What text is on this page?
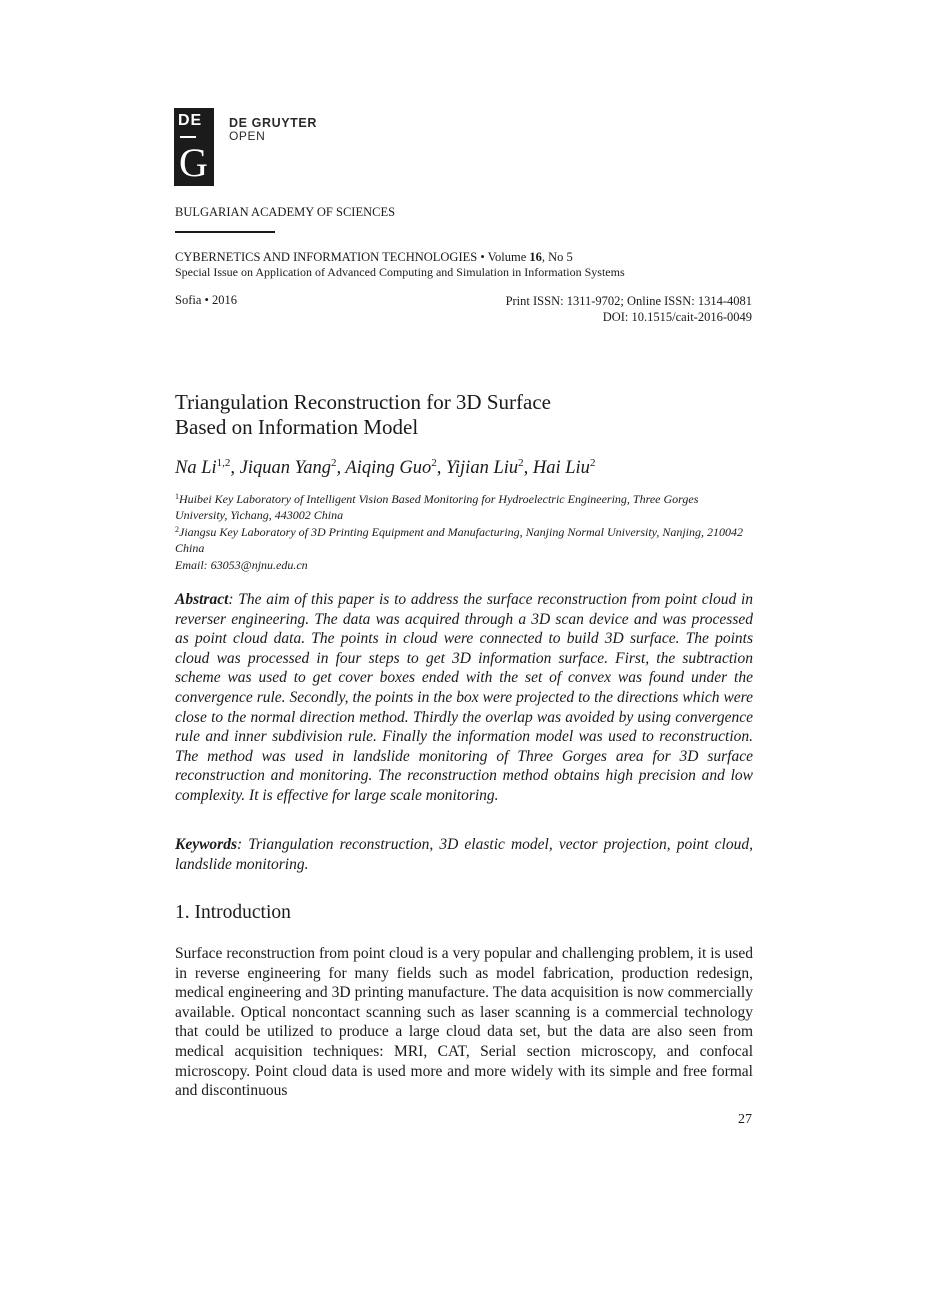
DE
G
DE GRUYTER
OPEN
BULGARIAN ACADEMY OF SCIENCES
CYBERNETICS AND INFORMATION TECHNOLOGIES • Volume 16, No 5
Special Issue on Application of Advanced Computing and Simulation in Information Systems
Sofia • 2016	Print ISSN: 1311-9702; Online ISSN: 1314-4081
DOI: 10.1515/cait-2016-0049
Triangulation Reconstruction for 3D Surface
Based on Information Model
Na Li$^{1,2}$, Jiquan Yang$^2$, Aiqing Guo$^2$, Yijian Liu$^2$, Hai Liu$^2$
$^1$Huibei Key Laboratory of Intelligent Vision Based Monitoring for Hydroelectric Engineering, Three Gorges University, Yichang, 443002 China
$^2$Jiangsu Key Laboratory of 3D Printing Equipment and Manufacturing, Nanjing Normal University, Nanjing, 210042 China
Email: 63053@njnu.edu.cn
Abstract: The aim of this paper is to address the surface reconstruction from point cloud in reverser engineering. The data was acquired through a 3D scan device and was processed as point cloud data. The points in cloud were connected to build 3D surface. The points cloud was processed in four steps to get 3D information surface. First, the subtraction scheme was used to get cover boxes ended with the set of convex was found under the convergence rule. Secondly, the points in the box were projected to the directions which were close to the normal direction method. Thirdly the overlap was avoided by using convergence rule and inner subdivision rule. Finally the information model was used to reconstruction. The method was used in landslide monitoring of Three Gorges area for 3D surface reconstruction and monitoring. The reconstruction method obtains high precision and low complexity. It is effective for large scale monitoring.
Keywords: Triangulation reconstruction, 3D elastic model, vector projection, point cloud, landslide monitoring.
1. Introduction
Surface reconstruction from point cloud is a very popular and challenging problem, it is used in reverse engineering for many fields such as model fabrication, production redesign, medical engineering and 3D printing manufacture. The data acquisition is now commercially available. Optical noncontact scanning such as laser scanning is a commercial technology that could be utilized to produce a large cloud data set, but the data are also seen from medical acquisition techniques: MRI, CAT, Serial section microscopy, and confocal microscopy. Point cloud data is used more and more widely with its simple and free formal and discontinuous
27
